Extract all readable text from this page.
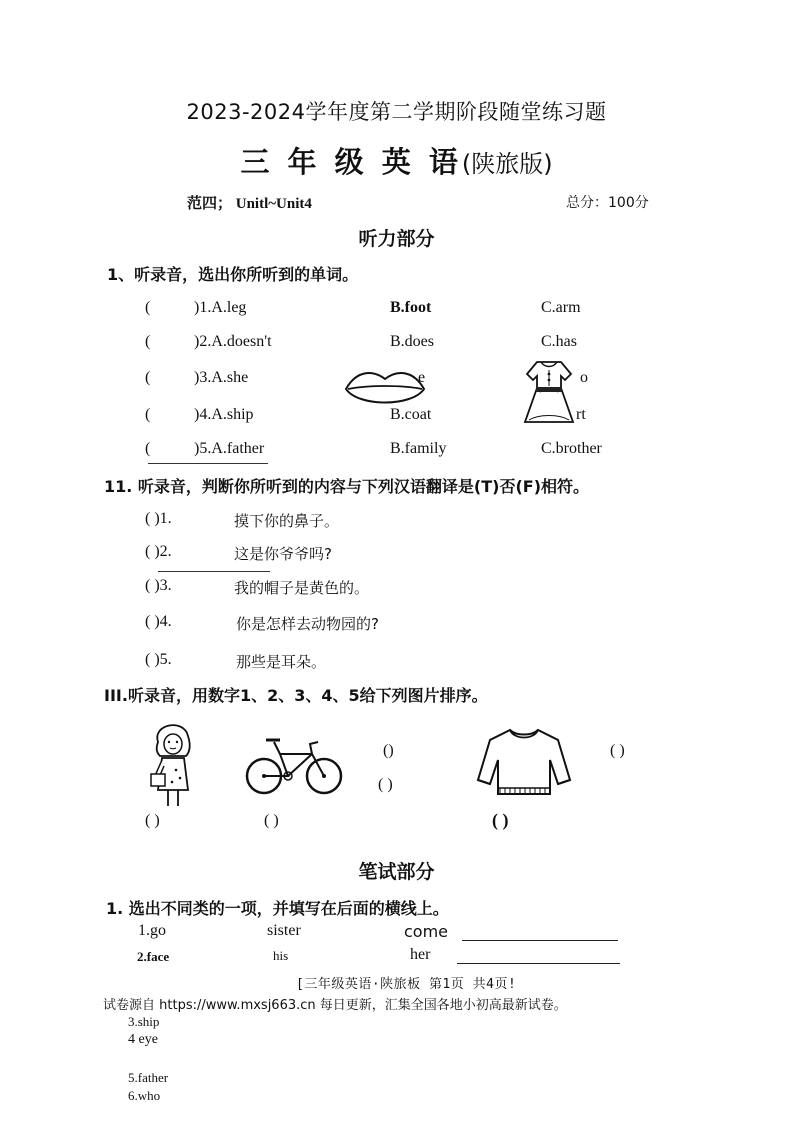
2023-2024学年度第二学期阶段随堂练习题
三 年 级 英 语(陕旅版)
范四； Unitl~Unit4	总分：100分
听力部分
1、听录音，选出你所听到的单词。
(	)1.A.leg	B.foot	C.arm
(	)2.A.doesn't	B.does	C.has
(	)3.A.she	e	o
(	)4.A.ship	B.coat	rt
(	)5.A.father	B.family	C.brother
11. 听录音，判断你所听到的内容与下列汉语翻译是(T)否(F)相符。
( )1.	摸下你的鼻子。
( )2.	这是你爷爷吗?
( )3.	我的帽子是黄色的。
( )4.	你是怎样去动物园的?
( )5.	那些是耳朵。
III.听录音，用数字1、2、3、4、5给下列图片排序。
( )	( )
()
( )
( )
( )
笔试部分
1. 选出不同类的一项，并填写在后面的横线上。
1.go	sister	come
2.face	his	her
[三年级英语·陕旅板 第1页 共4页!
试卷源自 https://www.mxsj663.cn 每日更新，汇集全国各地小初高最新试卷。
3.ship
4 eye
5.father
6.who
